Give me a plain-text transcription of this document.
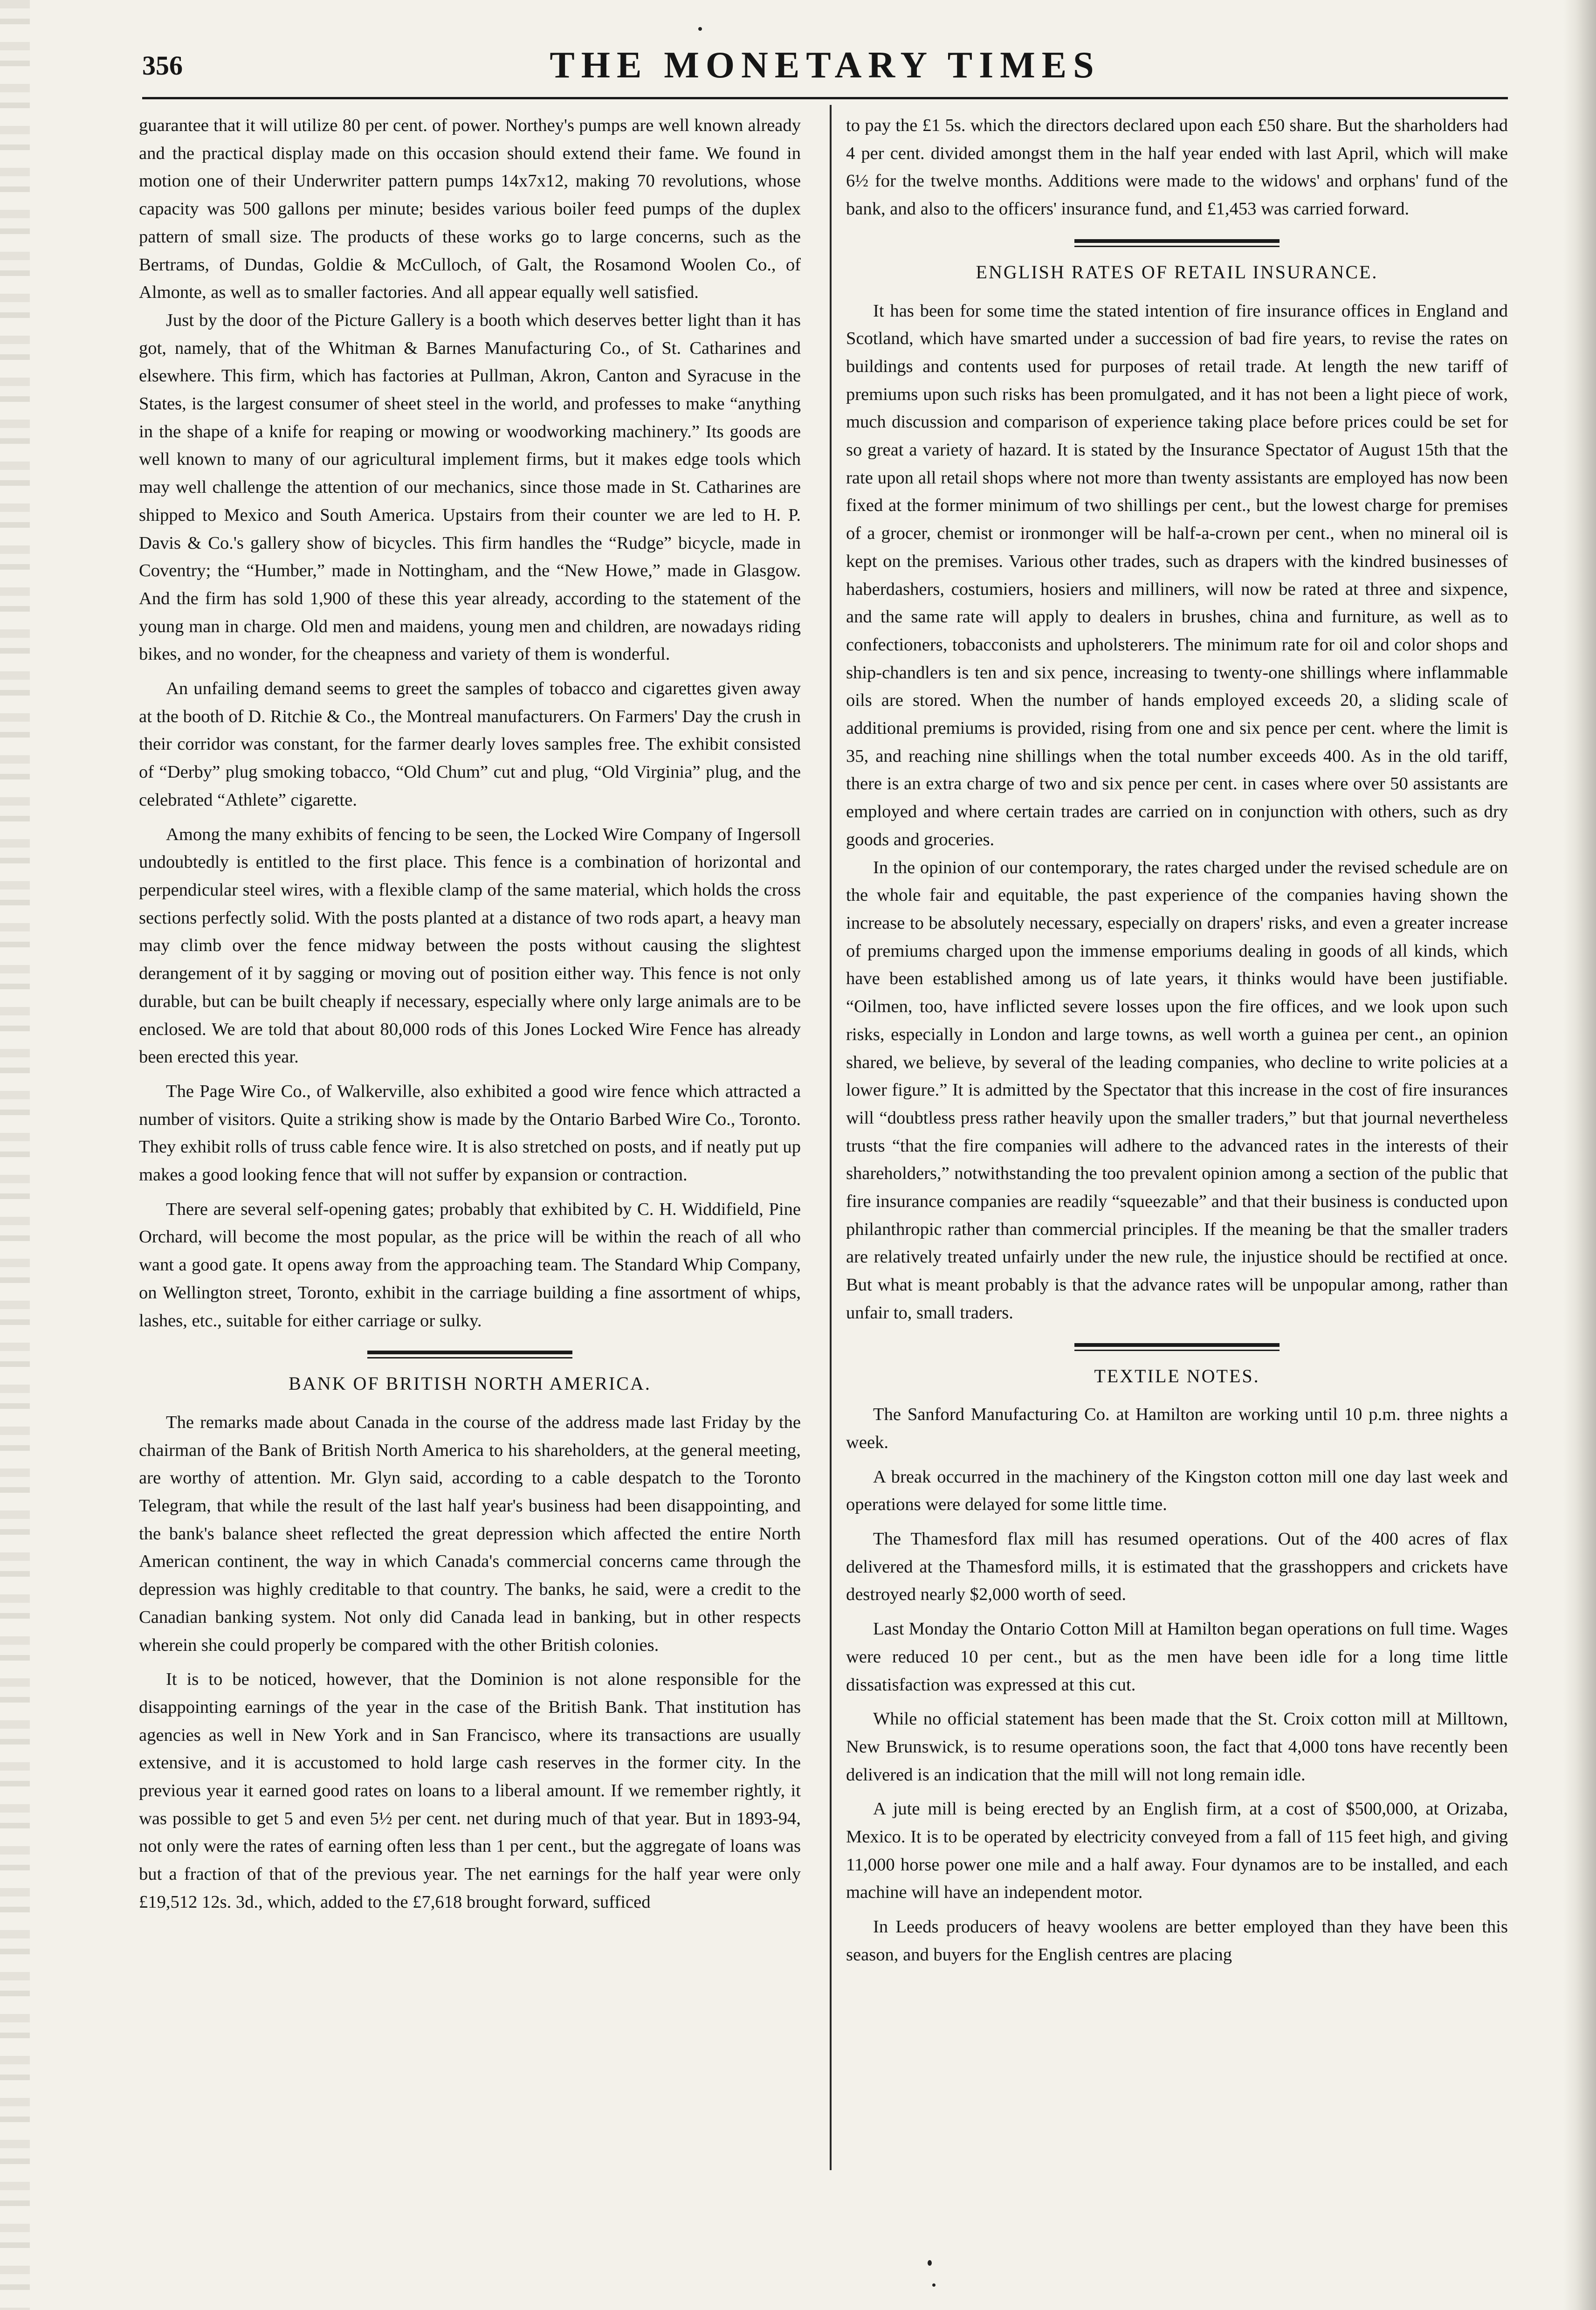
356	THE MONETARY TIMES

guarantee that it will utilize 80 per cent. of power. Northey's pumps are well known already and the practical display made on this occasion should extend their fame. We found in motion one of their Underwriter pattern pumps 14x7x12, making 70 revolutions, whose capacity was 500 gallons per minute; besides various boiler feed pumps of the duplex pattern of small size. The products of these works go to large concerns, such as the Bertrams, of Dundas, Goldie & McCulloch, of Galt, the Rosamond Woolen Co., of Almonte, as well as to smaller factories. And all appear equally well satisfied.

Just by the door of the Picture Gallery is a booth which deserves better light than it has got, namely, that of the Whitman & Barnes Manufacturing Co., of St. Catharines and elsewhere. This firm, which has factories at Pullman, Akron, Canton and Syracuse in the States, is the largest consumer of sheet steel in the world, and professes to make “anything in the shape of a knife for reaping or mowing or woodworking machinery.” Its goods are well known to many of our agricultural implement firms, but it makes edge tools which may well challenge the attention of our mechanics, since those made in St. Catharines are shipped to Mexico and South America. Upstairs from their counter we are led to H. P. Davis & Co.'s gallery show of bicycles. This firm handles the “Rudge” bicycle, made in Coventry; the “Humber,” made in Nottingham, and the “New Howe,” made in Glasgow. And the firm has sold 1,900 of these this year already, according to the statement of the young man in charge. Old men and maidens, young men and children, are nowadays riding bikes, and no wonder, for the cheapness and variety of them is wonderful.

An unfailing demand seems to greet the samples of tobacco and cigarettes given away at the booth of D. Ritchie & Co., the Montreal manufacturers. On Farmers' Day the crush in their corridor was constant, for the farmer dearly loves samples free. The exhibit consisted of “Derby” plug smoking tobacco, “Old Chum” cut and plug, “Old Virginia” plug, and the celebrated “Athlete” cigarette.

Among the many exhibits of fencing to be seen, the Locked Wire Company of Ingersoll undoubtedly is entitled to the first place. This fence is a combination of horizontal and perpendicular steel wires, with a flexible clamp of the same material, which holds the cross sections perfectly solid. With the posts planted at a distance of two rods apart, a heavy man may climb over the fence midway between the posts without causing the slightest derangement of it by sagging or moving out of position either way. This fence is not only durable, but can be built cheaply if necessary, especially where only large animals are to be enclosed. We are told that about 80,000 rods of this Jones Locked Wire Fence has already been erected this year.

The Page Wire Co., of Walkerville, also exhibited a good wire fence which attracted a number of visitors. Quite a striking show is made by the Ontario Barbed Wire Co., Toronto. They exhibit rolls of truss cable fence wire. It is also stretched on posts, and if neatly put up makes a good looking fence that will not suffer by expansion or contraction.

There are several self-opening gates; probably that exhibited by C. H. Widdifield, Pine Orchard, will become the most popular, as the price will be within the reach of all who want a good gate. It opens away from the approaching team. The Standard Whip Company, on Wellington street, Toronto, exhibit in the carriage building a fine assortment of whips, lashes, etc., suitable for either carriage or sulky.

BANK OF BRITISH NORTH AMERICA.

The remarks made about Canada in the course of the address made last Friday by the chairman of the Bank of British North America to his shareholders, at the general meeting, are worthy of attention. Mr. Glyn said, according to a cable despatch to the Toronto Telegram, that while the result of the last half year's business had been disappointing, and the bank's balance sheet reflected the great depression which affected the entire North American continent, the way in which Canada's commercial concerns came through the depression was highly creditable to that country. The banks, he said, were a credit to the Canadian banking system. Not only did Canada lead in banking, but in other respects wherein she could properly be compared with the other British colonies.

It is to be noticed, however, that the Dominion is not alone responsible for the disappointing earnings of the year in the case of the British Bank. That institution has agencies as well in New York and in San Francisco, where its transactions are usually extensive, and it is accustomed to hold large cash reserves in the former city. In the previous year it earned good rates on loans to a liberal amount. If we remember rightly, it was possible to get 5 and even 5½ per cent. net during much of that year. But in 1893-94, not only were the rates of earning often less than 1 per cent., but the aggregate of loans was but a fraction of that of the previous year. The net earnings for the half year were only £19,512 12s. 3d., which, added to the £7,618 brought forward, sufficed

to pay the £1 5s. which the directors declared upon each £50 share. But the sharholders had 4 per cent. divided amongst them in the half year ended with last April, which will make 6½ for the twelve months. Additions were made to the widows' and orphans' fund of the bank, and also to the officers' insurance fund, and £1,453 was carried forward.

ENGLISH RATES OF RETAIL INSURANCE.

It has been for some time the stated intention of fire insurance offices in England and Scotland, which have smarted under a succession of bad fire years, to revise the rates on buildings and contents used for purposes of retail trade. At length the new tariff of premiums upon such risks has been promulgated, and it has not been a light piece of work, much discussion and comparison of experience taking place before prices could be set for so great a variety of hazard. It is stated by the Insurance Spectator of August 15th that the rate upon all retail shops where not more than twenty assistants are employed has now been fixed at the former minimum of two shillings per cent., but the lowest charge for premises of a grocer, chemist or ironmonger will be half-a-crown per cent., when no mineral oil is kept on the premises. Various other trades, such as drapers with the kindred businesses of haberdashers, costumiers, hosiers and milliners, will now be rated at three and sixpence, and the same rate will apply to dealers in brushes, china and furniture, as well as to confectioners, tobacconists and upholsterers. The minimum rate for oil and color shops and ship-chandlers is ten and six pence, increasing to twenty-one shillings where inflammable oils are stored. When the number of hands employed exceeds 20, a sliding scale of additional premiums is provided, rising from one and six pence per cent. where the limit is 35, and reaching nine shillings when the total number exceeds 400. As in the old tariff, there is an extra charge of two and six pence per cent. in cases where over 50 assistants are employed and where certain trades are carried on in conjunction with others, such as dry goods and groceries.

In the opinion of our contemporary, the rates charged under the revised schedule are on the whole fair and equitable, the past experience of the companies having shown the increase to be absolutely necessary, especially on drapers' risks, and even a greater increase of premiums charged upon the immense emporiums dealing in goods of all kinds, which have been established among us of late years, it thinks would have been justifiable. “Oilmen, too, have inflicted severe losses upon the fire offices, and we look upon such risks, especially in London and large towns, as well worth a guinea per cent., an opinion shared, we believe, by several of the leading companies, who decline to write policies at a lower figure.” It is admitted by the Spectator that this increase in the cost of fire insurances will “doubtless press rather heavily upon the smaller traders,” but that journal nevertheless trusts “that the fire companies will adhere to the advanced rates in the interests of their shareholders,” notwithstanding the too prevalent opinion among a section of the public that fire insurance companies are readily “squeezable” and that their business is conducted upon philanthropic rather than commercial principles. If the meaning be that the smaller traders are relatively treated unfairly under the new rule, the injustice should be rectified at once. But what is meant probably is that the advance rates will be unpopular among, rather than unfair to, small traders.

TEXTILE NOTES.

The Sanford Manufacturing Co. at Hamilton are working until 10 p.m. three nights a week.

A break occurred in the machinery of the Kingston cotton mill one day last week and operations were delayed for some little time.

The Thamesford flax mill has resumed operations. Out of the 400 acres of flax delivered at the Thamesford mills, it is estimated that the grasshoppers and crickets have destroyed nearly $2,000 worth of seed.

Last Monday the Ontario Cotton Mill at Hamilton began operations on full time. Wages were reduced 10 per cent., but as the men have been idle for a long time little dissatisfaction was expressed at this cut.

While no official statement has been made that the St. Croix cotton mill at Milltown, New Brunswick, is to resume operations soon, the fact that 4,000 tons have recently been delivered is an indication that the mill will not long remain idle.

A jute mill is being erected by an English firm, at a cost of $500,000, at Orizaba, Mexico. It is to be operated by electricity conveyed from a fall of 115 feet high, and giving 11,000 horse power one mile and a half away. Four dynamos are to be installed, and each machine will have an independent motor.

In Leeds producers of heavy woolens are better employed than they have been this season, and buyers for the English centres are placing
